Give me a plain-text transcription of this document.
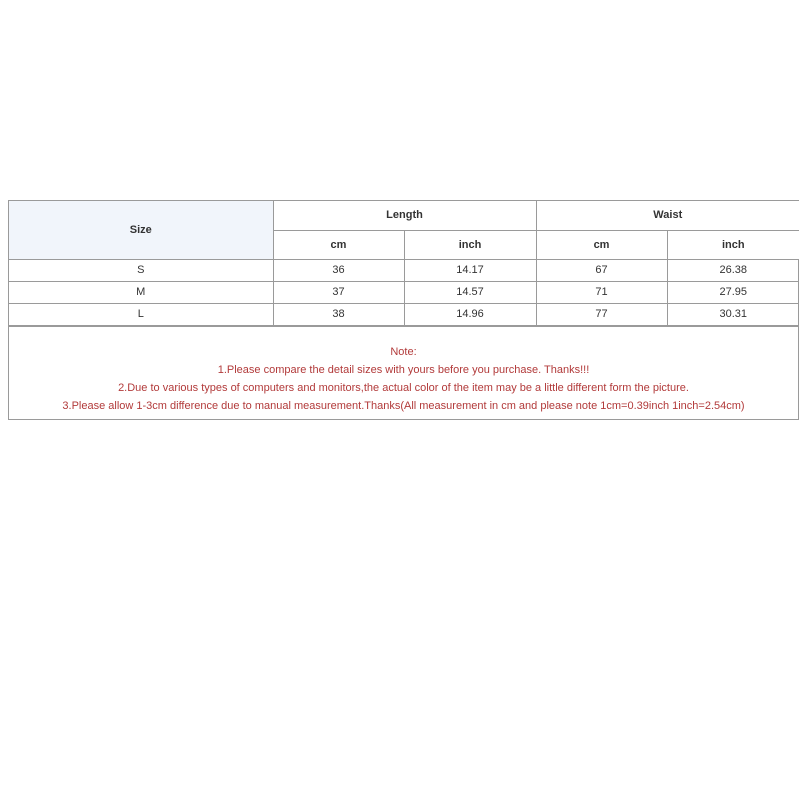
Size	Length		Waist	
	cm	inch	cm	inch
S	36	14.17	67	26.38
M	37	14.57	71	27.95
L	38	14.96	77	30.31
Note:
1.Please compare the detail sizes with yours before you purchase. Thanks!!!
2.Due to various types of computers and monitors,the actual color of the item may be a little different form the picture.
3.Please allow 1-3cm difference due to manual measurement.Thanks(All measurement in cm and please note 1cm=0.39inch 1inch=2.54cm)
